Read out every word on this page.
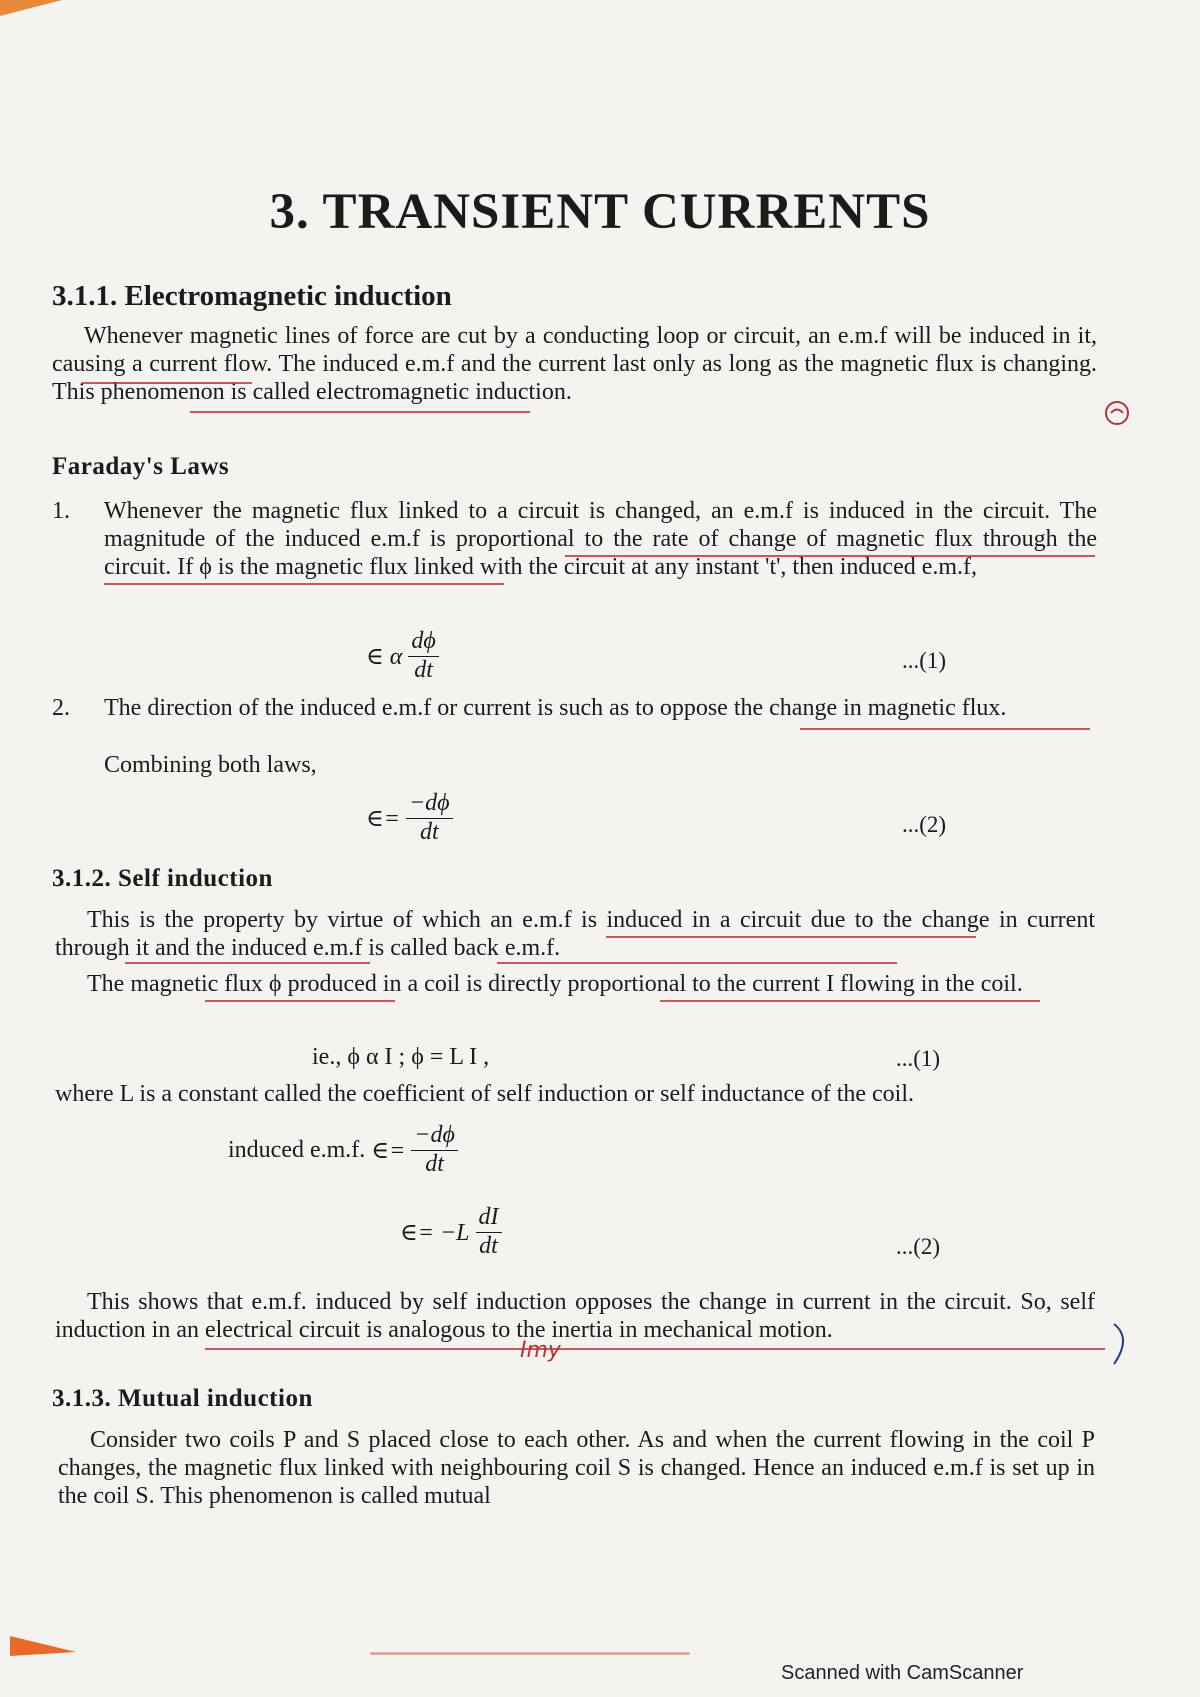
3. TRANSIENT CURRENTS
3.1.1. Electromagnetic induction

Whenever magnetic lines of force are cut by a conducting loop or circuit, an e.m.f will be induced in it, causing a current flow. The induced e.m.f and the current last only as long as the magnetic flux is changing. This phenomenon is called electromagnetic induction.

Faraday's Laws
1. Whenever the magnetic flux linked to a circuit is changed, an e.m.f is induced in the circuit. The magnitude of the induced e.m.f is proportional to the rate of change of magnetic flux through the circuit. If ϕ is the magnetic flux linked with the circuit at any instant 't', then induced e.m.f,
∈ α $\frac{d\phi}{dt}$	...(1)
2. The direction of the induced e.m.f or current is such as to oppose the change in magnetic flux.
Combining both laws,
∈= $\frac{-d\phi}{dt}$	...(2)
3.1.2. Self induction

This is the property by virtue of which an e.m.f is induced in a circuit due to the change in current through it and the induced e.m.f is called back e.m.f.

The magnetic flux ϕ produced in a coil is directly proportional to the current I flowing in the coil.

ie., ϕ α I ; ϕ = L I ,	...(1)
where L is a constant called the coefficient of self induction or self inductance of the coil.
induced e.m.f. ∈= $\frac{-d\phi}{dt}$
∈= $-L \frac{dI}{dt}$	...(2)

This shows that e.m.f. induced by self induction opposes the change in current in the circuit. So, self induction in an electrical circuit is analogous to the inertia in mechanical motion.

Imy
3.1.3. Mutual induction

Consider two coils P and S placed close to each other. As and when the current flowing in the coil P changes, the magnetic flux linked with neighbouring coil S is changed. Hence an induced e.m.f is set up in the coil S. This phenomenon is called mutual

Scanned with CamScanner
